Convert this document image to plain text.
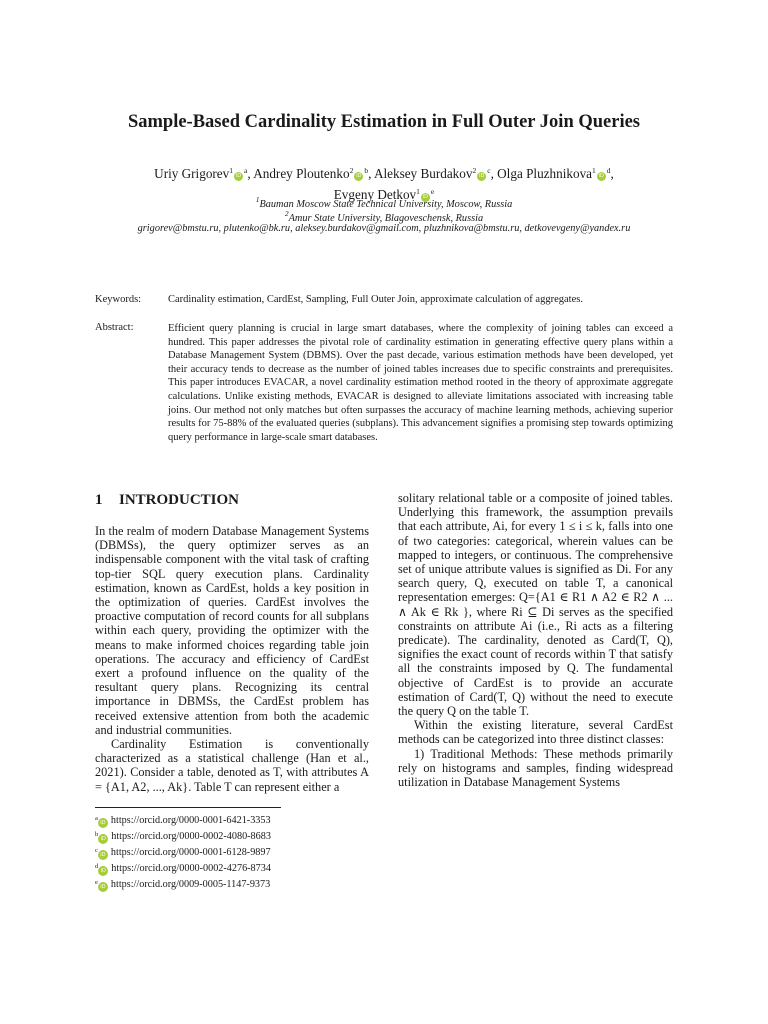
Sample-Based Cardinality Estimation in Full Outer Join Queries
Uriy $Grigorev^1iD^a$, Andrey $Ploutenko^2iD^b$, Aleksey $Burdakov^2iD^c$, Olga $Pluzhnikova^1iD^d$,
Evgeny $Detkov^1iD^e$
$^1$Bauman Moscow State Technical University, Moscow, Russia
$^2$Amur State University, Blagoveschensk, Russia
grigorev@bmstu.ru, plutenko@bk.ru, aleksey.burdakov@gmail.com, pluzhnikova@bmstu.ru, detkovevgeny@yandex.ru
Keywords:	Cardinality estimation, CardEst, Sampling, Full Outer Join, approximate calculation of aggregates.
Abstract:	Efficient query planning is crucial in large smart databases, where the complexity of joining tables can exceed a hundred. This paper addresses the pivotal role of cardinality estimation in generating effective query plans within a Database Management System (DBMS). Over the past decade, various estimation methods have been developed, yet their accuracy tends to decrease as the number of joined tables increases due to specific constraints and prerequisites. This paper introduces EVACAR, a novel cardinality estimation method rooted in the theory of approximate aggregate calculations. Unlike existing methods, EVACAR is designed to alleviate limitations associated with increasing table joins. Our method not only matches but often surpasses the accuracy of machine learning methods, achieving superior results for 75-88% of the evaluated queries (subplans). This advancement signifies a promising step towards optimizing query performance in large-scale smart databases.

1 INTRODUCTION

In the realm of modern Database Management Systems (DBMSs), the query optimizer serves as an indispensable component with the vital task of crafting top-tier SQL query execution plans. Cardinality estimation, known as CardEst, holds a key position in the optimization of queries. CardEst involves the proactive computation of record counts for all subplans within each query, providing the optimizer with the means to make informed choices regarding table join operations. The accuracy and efficiency of CardEst exert a profound influence on the quality of the resultant query plans. Recognizing its central importance in DBMSs, the CardEst problem has received extensive attention from both the academic and industrial communities.

Cardinality Estimation is conventionally characterized as a statistical challenge (Han et al., 2021). Consider a table, denoted as T, with attributes A = {A1, A2, ..., Ak}. Table T can represent either a

solitary relational table or a composite of joined tables. Underlying this framework, the assumption prevails that each attribute, Ai, for every 1 ≤ i ≤ k, falls into one of two categories: categorical, wherein values can be mapped to integers, or continuous. The comprehensive set of unique attribute values is signified as Di. For any search query, Q, executed on table T, a canonical representation emerges: Q={A1 ∈ R1 ∧ A2 ∈ R2 ∧ ... ∧ Ak ∈ Rk }, where Ri ⊆ Di serves as the specified constraints on attribute Ai (i.e., Ri acts as a filtering predicate). The cardinality, denoted as Card(T, Q), signifies the exact count of records within T that satisfy all the constraints imposed by Q. The fundamental objective of CardEst is to provide an accurate estimation of Card(T, Q) without the need to execute the query Q on the table T.

Within the existing literature, several CardEst methods can be categorized into three distinct classes:

1) Traditional Methods: These methods primarily rely on histograms and samples, finding widespread utilization in Database Management Systems

$^a$iD https://orcid.org/0000-0001-6421-3353
$^b$iD https://orcid.org/0000-0002-4080-8683
$^c$iD https://orcid.org/0000-0001-6128-9897
$^d$iD https://orcid.org/0000-0002-4276-8734
$^e$iD https://orcid.org/0009-0005-1147-9373
